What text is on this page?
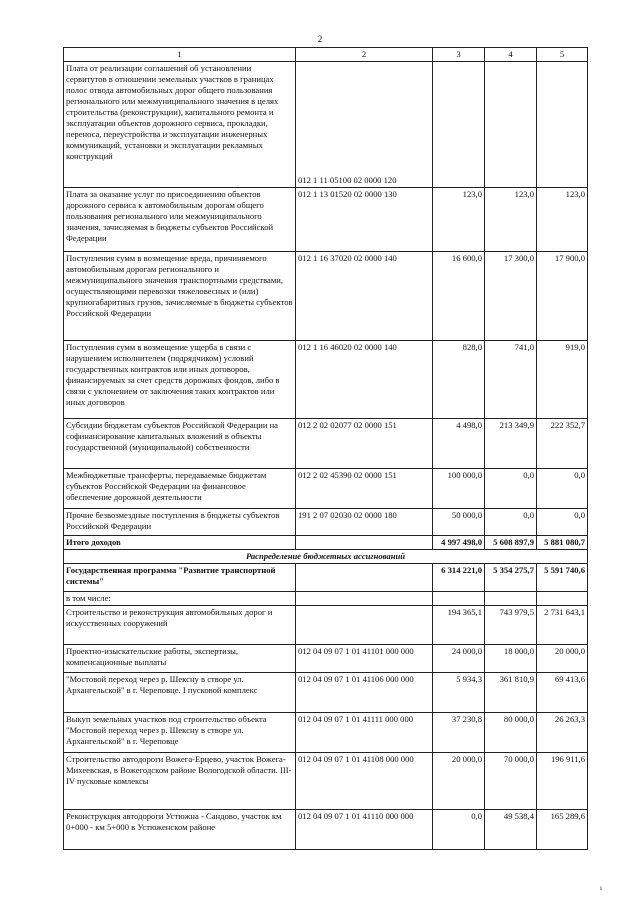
2
1	2	3	4	5
Плата от реализации соглашений об установлении сервитутов в отношении земельных участков в границах полос отвода автомобильных дорог общего пользования регионального или межмуниципального значения в целях строительства (реконструкции), капитального ремонта и эксплуатации объектов дорожного сервиса, прокладки, переноса, переустройства и эксплуатации инженерных коммуникаций, установки и эксплуатации рекламных конструкций	012 1 11 05100 02 0000 120			
Плата за оказание услуг по присоединению объектов дорожного сервиса к автомобильным дорогам общего пользования регионального или межмуниципального значения, зачисляемая в бюджеты субъектов Российской Федерации	012 1 13 01520 02 0000 130	123,0	123,0	123,0
Поступления сумм в возмещение вреда, причиняемого автомобильным дорогам регионального и межмуниципального значения транспортными средствами, осуществляющими перевозки тяжеловесных и (или) крупногабаритных грузов, зачисляемые в бюджеты субъектов Российской Федерации	012 1 16 37020 02 0000 140	16 600,0	17 300,0	17 900,0
Поступления сумм в возмещение ущерба в связи с нарушением исполнителем (подрядчиком) условий государственных контрактов или иных договоров, финансируемых за счет средств дорожных фондов, либо в связи с уклонением от заключения таких контрактов или иных договоров	012 1 16 46020 02 0000 140	828,0	741,0	919,0
Субсидии бюджетам субъектов Российской Федерации на софинансирование капитальных вложений в объекты государственной (муниципальной) собственности	012 2 02 02077 02 0000 151	4 498,0	213 349,9	222 352,7
Межбюджетные трансферты, передаваемые бюджетам субъектов Российской Федерации на финансовое обеспечение дорожной деятельности	012 2 02 45390 02 0000 151	100 000,0	0,0	0,0
Прочие безвозмездные поступления в бюджеты субъектов Российской Федерации	191 2 07 02030 02 0000 180	50 000,0	0,0	0,0
Итого доходов		4 997 498,0	5 608 897,9	5 881 080,7
Распределение бюджетных ассигнований				
Государственная программа "Развитие транспортной системы"		6 314 221,0	5 354 275,7	5 591 740,6
в том числе:				
Строительство и реконструкция автомобильных дорог и искусственных сооружений		194 365,1	743 979,5	2 731 643,1
Проектно-изыскательские работы, экспертизы, компенсационные выплаты	012 04 09 07 1 01 41101 000 000	24 000,0	18 000,0	20 000,0
"Мостовой переход через р. Шексну в створе ул. Архангельской" в г. Череповце. I пусковой комплекс	012 04 09 07 1 01 41106 000 000	5 934,3	361 810,9	69 413,6
Выкуп земельных участков под строительство объекта "Мостовой переход через р. Шексну в створе ул. Архангельской" в г. Череповце	012 04 09 07 1 01 41111 000 000	37 230,8	80 000,0	26 263,3
Строительство автодороги Вожега-Ерцево, участок Вожега-Михеевская, в Вожегодском районе Вологодской области. III-IV пусковые комлексы	012 04 09 07 1 01 41108 000 000	20 000,0	70 000,0	196 911,6
Реконструкция автодороги Устюжна - Сандово, участок км 0+000 - км 5+000 в Устюженском районе	012 04 09 07 1 01 41110 000 000	0,0	49 538,4	165 289,6
ı
